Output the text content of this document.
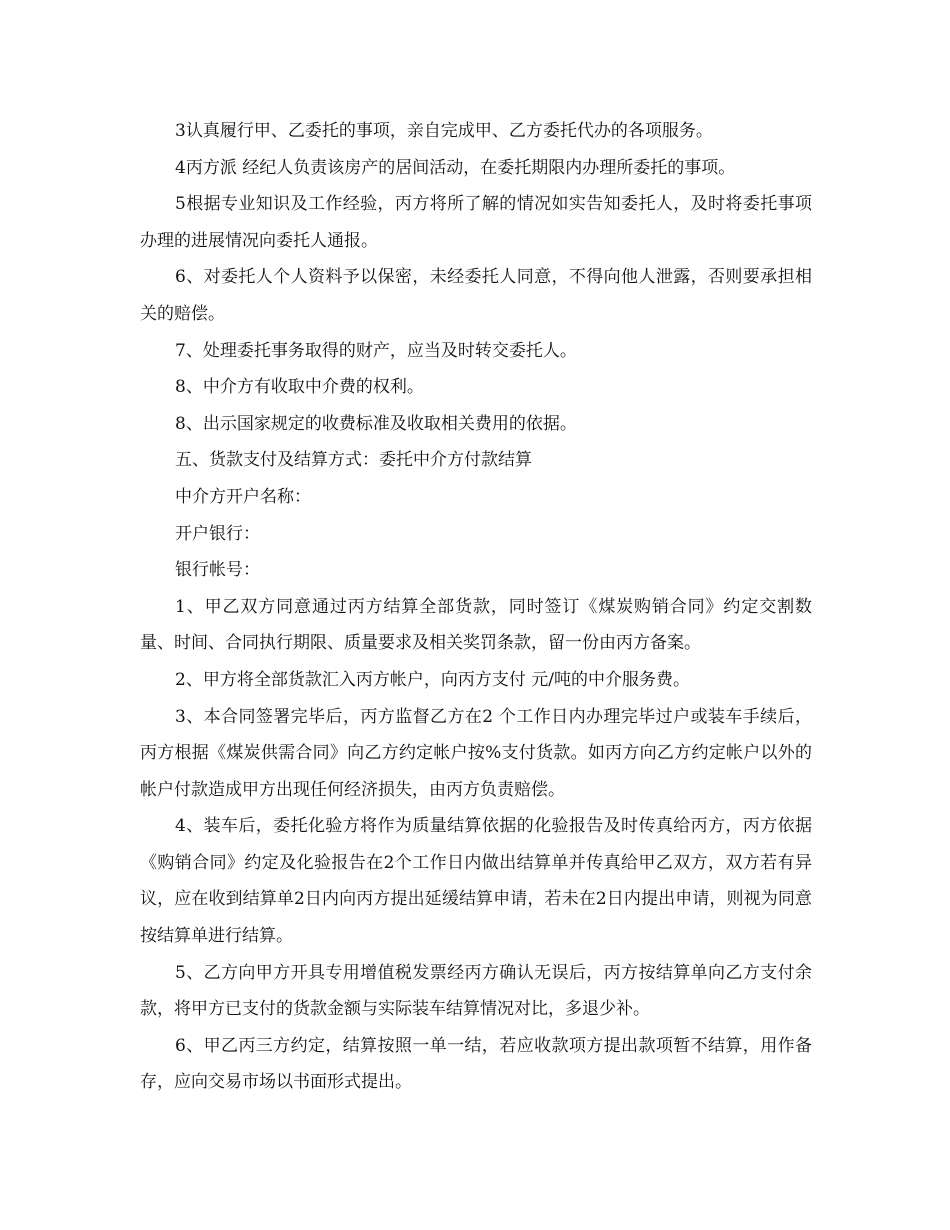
3认真履行甲、乙委托的事项，亲自完成甲、乙方委托代办的各项服务。

4丙方派 经纪人负责该房产的居间活动，在委托期限内办理所委托的事项。

5根据专业知识及工作经验，丙方将所了解的情况如实告知委托人，及时将委托事项办理的进展情况向委托人通报。

6、对委托人个人资料予以保密，未经委托人同意，不得向他人泄露，否则要承担相关的赔偿。

7、处理委托事务取得的财产，应当及时转交委托人。

8、中介方有收取中介费的权利。

8、出示国家规定的收费标准及收取相关费用的依据。

五、货款支付及结算方式：委托中介方付款结算

中介方开户名称：

开户银行：

银行帐号：

1、甲乙双方同意通过丙方结算全部货款，同时签订《煤炭购销合同》约定交割数量、时间、合同执行期限、质量要求及相关奖罚条款，留一份由丙方备案。

2、甲方将全部货款汇入丙方帐户，向丙方支付 元/吨的中介服务费。

3、本合同签署完毕后，丙方监督乙方在2 个工作日内办理完毕过户或装车手续后，丙方根据《煤炭供需合同》向乙方约定帐户按%支付货款。如丙方向乙方约定帐户以外的帐户付款造成甲方出现任何经济损失，由丙方负责赔偿。

4、装车后，委托化验方将作为质量结算依据的化验报告及时传真给丙方，丙方依据《购销合同》约定及化验报告在2个工作日内做出结算单并传真给甲乙双方，双方若有异议，应在收到结算单2日内向丙方提出延缓结算申请，若未在2日内提出申请，则视为同意按结算单进行结算。

5、乙方向甲方开具专用增值税发票经丙方确认无误后，丙方按结算单向乙方支付余款，将甲方已支付的货款金额与实际装车结算情况对比，多退少补。

6、甲乙丙三方约定，结算按照一单一结，若应收款项方提出款项暂不结算，用作备存，应向交易市场以书面形式提出。
